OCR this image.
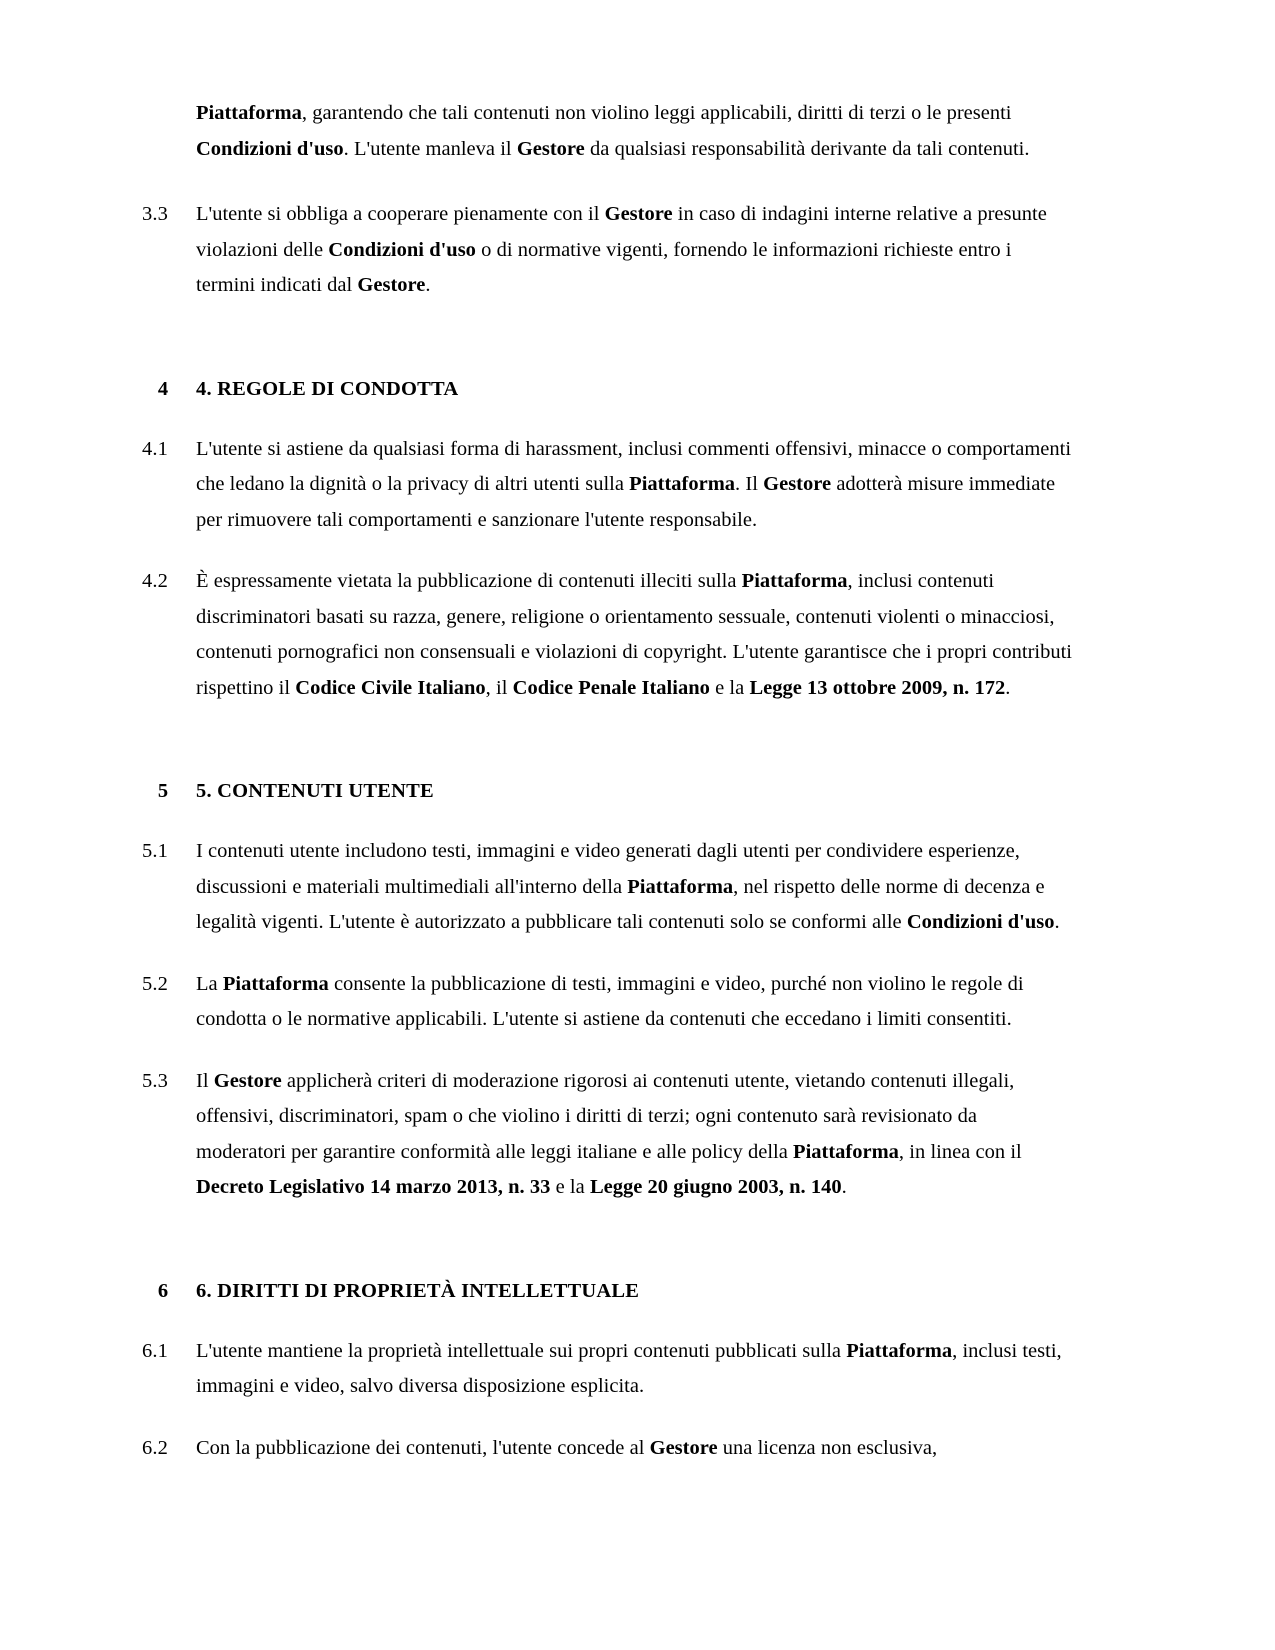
Piattaforma, garantendo che tali contenuti non violino leggi applicabili, diritti di terzi o le presenti Condizioni d'uso. L'utente manleva il Gestore da qualsiasi responsabilità derivante da tali contenuti.
3.3	L'utente si obbliga a cooperare pienamente con il Gestore in caso di indagini interne relative a presunte violazioni delle Condizioni d'uso o di normative vigenti, fornendo le informazioni richieste entro i termini indicati dal Gestore.
4	4. REGOLE DI CONDOTTA
4.1	L'utente si astiene da qualsiasi forma di harassment, inclusi commenti offensivi, minacce o comportamenti che ledano la dignità o la privacy di altri utenti sulla Piattaforma. Il Gestore adotterà misure immediate per rimuovere tali comportamenti e sanzionare l'utente responsabile.
4.2	È espressamente vietata la pubblicazione di contenuti illeciti sulla Piattaforma, inclusi contenuti discriminatori basati su razza, genere, religione o orientamento sessuale, contenuti violenti o minacciosi, contenuti pornografici non consensuali e violazioni di copyright. L'utente garantisce che i propri contributi rispettino il Codice Civile Italiano, il Codice Penale Italiano e la Legge 13 ottobre 2009, n. 172.
5	5. CONTENUTI UTENTE
5.1	I contenuti utente includono testi, immagini e video generati dagli utenti per condividere esperienze, discussioni e materiali multimediali all'interno della Piattaforma, nel rispetto delle norme di decenza e legalità vigenti. L'utente è autorizzato a pubblicare tali contenuti solo se conformi alle Condizioni d'uso.
5.2	La Piattaforma consente la pubblicazione di testi, immagini e video, purché non violino le regole di condotta o le normative applicabili. L'utente si astiene da contenuti che eccedano i limiti consentiti.
5.3	Il Gestore applicherà criteri di moderazione rigorosi ai contenuti utente, vietando contenuti illegali, offensivi, discriminatori, spam o che violino i diritti di terzi; ogni contenuto sarà revisionato da moderatori per garantire conformità alle leggi italiane e alle policy della Piattaforma, in linea con il Decreto Legislativo 14 marzo 2013, n. 33 e la Legge 20 giugno 2003, n. 140.
6	6. DIRITTI DI PROPRIETÀ INTELLETTUALE
6.1	L'utente mantiene la proprietà intellettuale sui propri contenuti pubblicati sulla Piattaforma, inclusi testi, immagini e video, salvo diversa disposizione esplicita.
6.2	Con la pubblicazione dei contenuti, l'utente concede al Gestore una licenza non esclusiva,
